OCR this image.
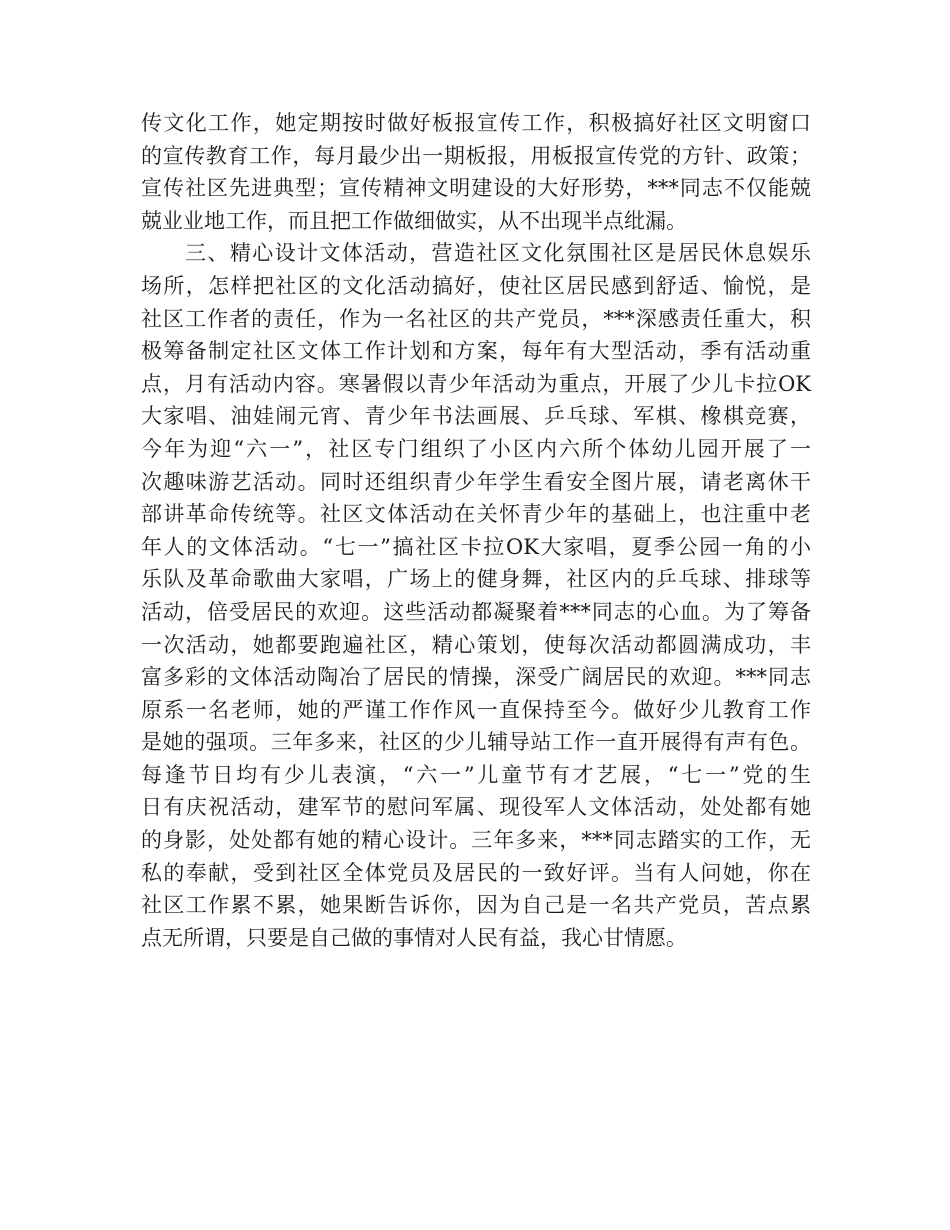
传文化工作，她定期按时做好板报宣传工作，积极搞好社区文明窗口
的宣传教育工作，每月最少出一期板报，用板报宣传党的方针、政策；
宣传社区先进典型；宣传精神文明建设的大好形势，***同志不仅能兢
兢业业地工作，而且把工作做细做实，从不出现半点纰漏。
三、精心设计文体活动，营造社区文化氛围社区是居民休息娱乐
场所，怎样把社区的文化活动搞好，使社区居民感到舒适、愉悦，是
社区工作者的责任，作为一名社区的共产党员，***深感责任重大，积
极筹备制定社区文体工作计划和方案，每年有大型活动，季有活动重
点，月有活动内容。寒暑假以青少年活动为重点，开展了少儿卡拉OK
大家唱、油娃闹元宵、青少年书法画展、乒乓球、军棋、橡棋竞赛，
今年为迎“六一”，社区专门组织了小区内六所个体幼儿园开展了一
次趣味游艺活动。同时还组织青少年学生看安全图片展，请老离休干
部讲革命传统等。社区文体活动在关怀青少年的基础上，也注重中老
年人的文体活动。“七一”搞社区卡拉OK大家唱，夏季公园一角的小
乐队及革命歌曲大家唱，广场上的健身舞，社区内的乒乓球、排球等
活动，倍受居民的欢迎。这些活动都凝聚着***同志的心血。为了筹备
一次活动，她都要跑遍社区，精心策划，使每次活动都圆满成功，丰
富多彩的文体活动陶冶了居民的情操，深受广阔居民的欢迎。***同志
原系一名老师，她的严谨工作作风一直保持至今。做好少儿教育工作
是她的强项。三年多来，社区的少儿辅导站工作一直开展得有声有色。
每逢节日均有少儿表演，“六一”儿童节有才艺展，“七一”党的生
日有庆祝活动，建军节的慰问军属、现役军人文体活动，处处都有她
的身影，处处都有她的精心设计。三年多来，***同志踏实的工作，无
私的奉献，受到社区全体党员及居民的一致好评。当有人问她，你在
社区工作累不累，她果断告诉你，因为自己是一名共产党员，苦点累
点无所谓，只要是自己做的事情对人民有益，我心甘情愿。
